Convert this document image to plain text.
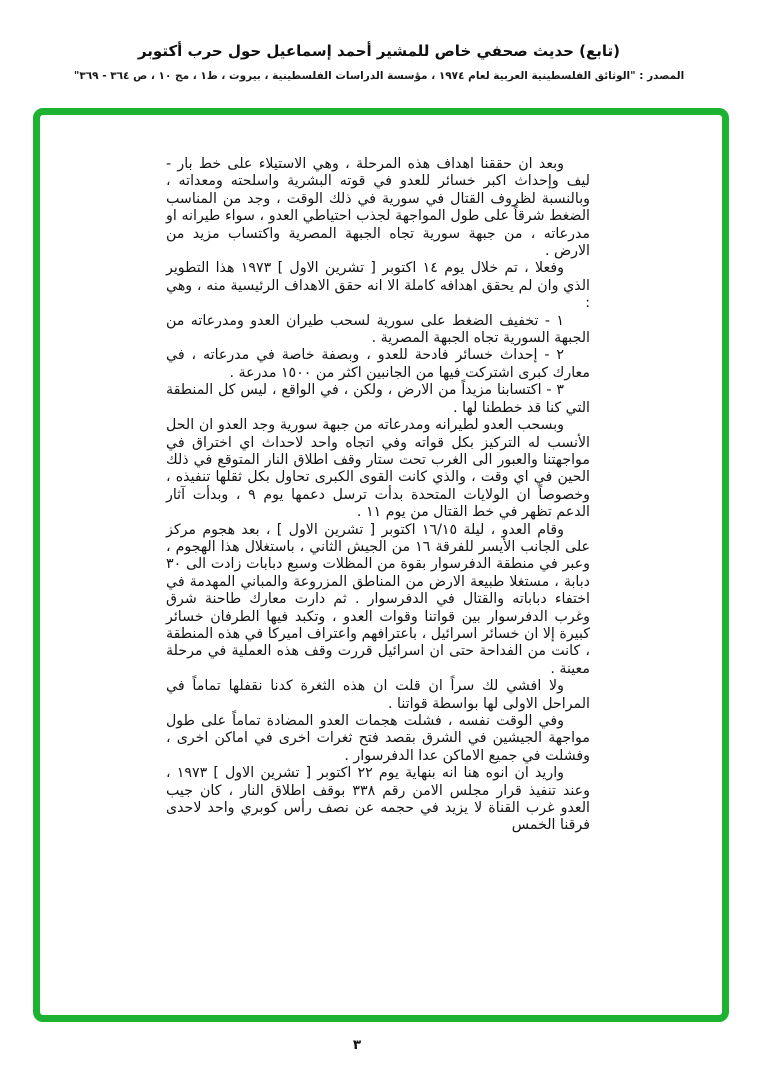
(تابع) حديث صحفي خاص للمشير أحمد إسماعيل حول حرب أكتوبر
المصدر : "الوثائق الفلسطينية العربية لعام ١٩٧٤ ، مؤسسة الدراسات الفلسطينية ، بيروت ، ط١ ، مج ١٠ ، ص ٣٦٤ - ٣٦٩"

وبعد ان حققنا اهداف هذه المرحلة ، وهي الاستيلاء على خط بار - ليف وإحداث اكبر خسائر للعدو في قوته البشرية واسلحته ومعداته ، وبالنسبة لظروف القتال في سورية في ذلك الوقت ، وجد من المناسب الضغط شرقاً على طول المواجهة لجذب احتياطي العدو ، سواء طيرانه او مدرعاته ، من جبهة سورية تجاه الجبهة المصرية واكتساب مزيد من الارض .

وفعلا ، تم خلال يوم ١٤ اكتوبر [ تشرين الاول ] ١٩٧٣ هذا التطوير الذي وان لم يحقق اهدافه كاملة الا انه حقق الاهداف الرئيسية منه ، وهي :

١ - تخفيف الضغط على سورية لسحب طيران العدو ومدرعاته من الجبهة السورية تجاه الجبهة المصرية .

٢ - إحداث خسائر فادحة للعدو ، وبصفة خاصة في مدرعاته ، في معارك كبرى اشتركت فيها من الجانبين اكثر من ١٥٠٠ مدرعة .

٣ - اكتسابنا مزيداً من الارض ، ولكن ، في الواقع ، ليس كل المنطقة التي كنا قد خططنا لها .

وبسحب العدو لطيرانه ومدرعاته من جبهة سورية وجد العدو ان الحل الأنسب له التركيز بكل قواته وفي اتجاه واحد لاحداث اي اختراق في مواجهتنا والعبور الى الغرب تحت ستار وقف اطلاق النار المتوقع في ذلك الحين في اي وقت ، والذي كانت القوى الكبرى تحاول بكل ثقلها تنفيذه ، وخصوصاً ان الولايات المتحدة بدأت ترسل دعمها يوم ٩ ، وبدأت آثار الدعم تظهر في خط القتال من يوم ١١ .

وقام العدو ، ليلة ١٦/١٥ اكتوبر [ تشرين الاول ] ، بعد هجوم مركز على الجانب الأيسر للفرقة ١٦ من الجيش الثاني ، باستغلال هذا الهجوم ، وعبر في منطقة الدفرسوار بقوة من المظلات وسبع دبابات زادت الى ٣٠ دبابة ، مستغلا طبيعة الارض من المناطق المزروعة والمباني المهدمة في اختفاء دباباته والقتال في الدفرسوار . ثم دارت معارك طاحنة شرق وغرب الدفرسوار بين قواتنا وقوات العدو ، وتكبد فيها الطرفان خسائر كبيرة إلا ان خسائر اسرائيل ، باعترافهم واعتراف اميركا في هذه المنطقة ، كانت من الفداحة حتى ان اسرائيل قررت وقف هذه العملية في مرحلة معينة .

ولا افشي لك سراً ان قلت ان هذه الثغرة كدنا نقفلها تماماً في المراحل الاولى لها بواسطة قواتنا .

وفي الوقت نفسه ، فشلت هجمات العدو المضادة تماماً على طول مواجهة الجيشين في الشرق بقصد فتح ثغرات اخرى في اماكن اخرى ، وفشلت في جميع الاماكن عدا الدفرسوار .

واريد ان انوه هنا انه بنهاية يوم ٢٢ اكتوبر [ تشرين الاول ] ١٩٧٣ ، وعند تنفيذ قرار مجلس الامن رقم ٣٣٨ بوقف اطلاق النار ، كان جيب العدو غرب القناة لا يزيد في حجمه عن نصف رأس كوبري واحد لاحدى فرقنا الخمس

٣
